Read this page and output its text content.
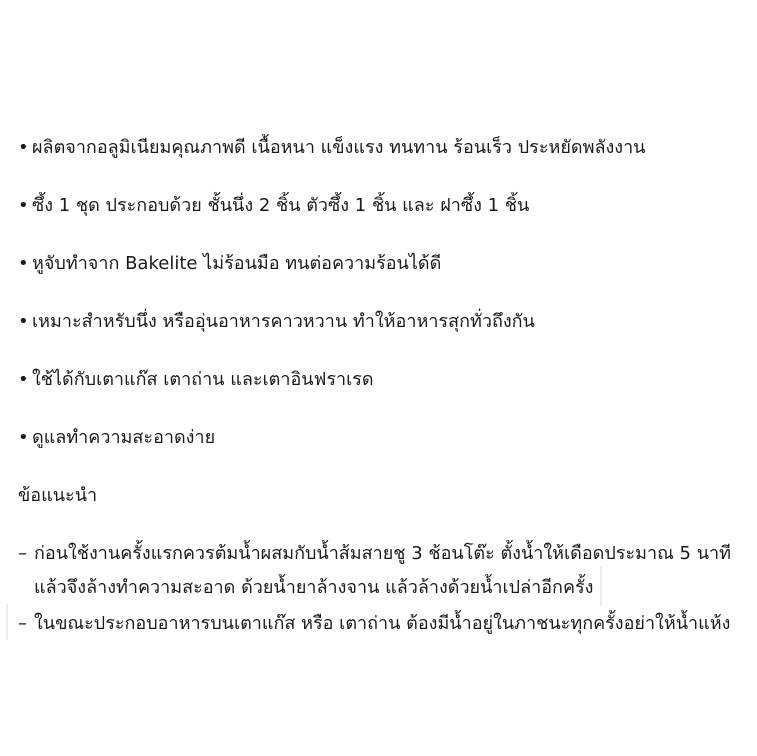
• ผลิตจากอลูมิเนียมคุณภาพดี เนื้อหนา แข็งแรง ทนทาน ร้อนเร็ว ประหยัดพลังงาน
• ซึ้ง 1 ชุด ประกอบด้วย ชั้นนึ่ง 2 ชิ้น ตัวซึ้ง 1 ชิ้น และ ฝาซึ้ง 1 ชิ้น
• หูจับทำจาก Bakelite ไม่ร้อนมือ ทนต่อความร้อนได้ดี
• เหมาะสำหรับนึ่ง หรืออุ่นอาหารคาวหวาน ทำให้อาหารสุกทั่วถึงกัน
• ใช้ได้กับเตาแก๊ส เตาถ่าน และเตาอินฟราเรด
• ดูแลทำความสะอาดง่าย
ข้อแนะนำ
– ก่อนใช้งานครั้งแรกควรต้มน้ำผสมกับน้ำส้มสายชู 3 ช้อนโต๊ะ ตั้งน้ำให้เดือดประมาณ 5 นาที
แล้วจึงล้างทำความสะอาด ด้วยน้ำยาล้างจาน แล้วล้างด้วยน้ำเปล่าอีกครั้ง
– ในขณะประกอบอาหารบนเตาแก๊ส หรือ เตาถ่าน ต้องมีน้ำอยู่ในภาชนะทุกครั้งอย่าให้น้ำแห้ง
